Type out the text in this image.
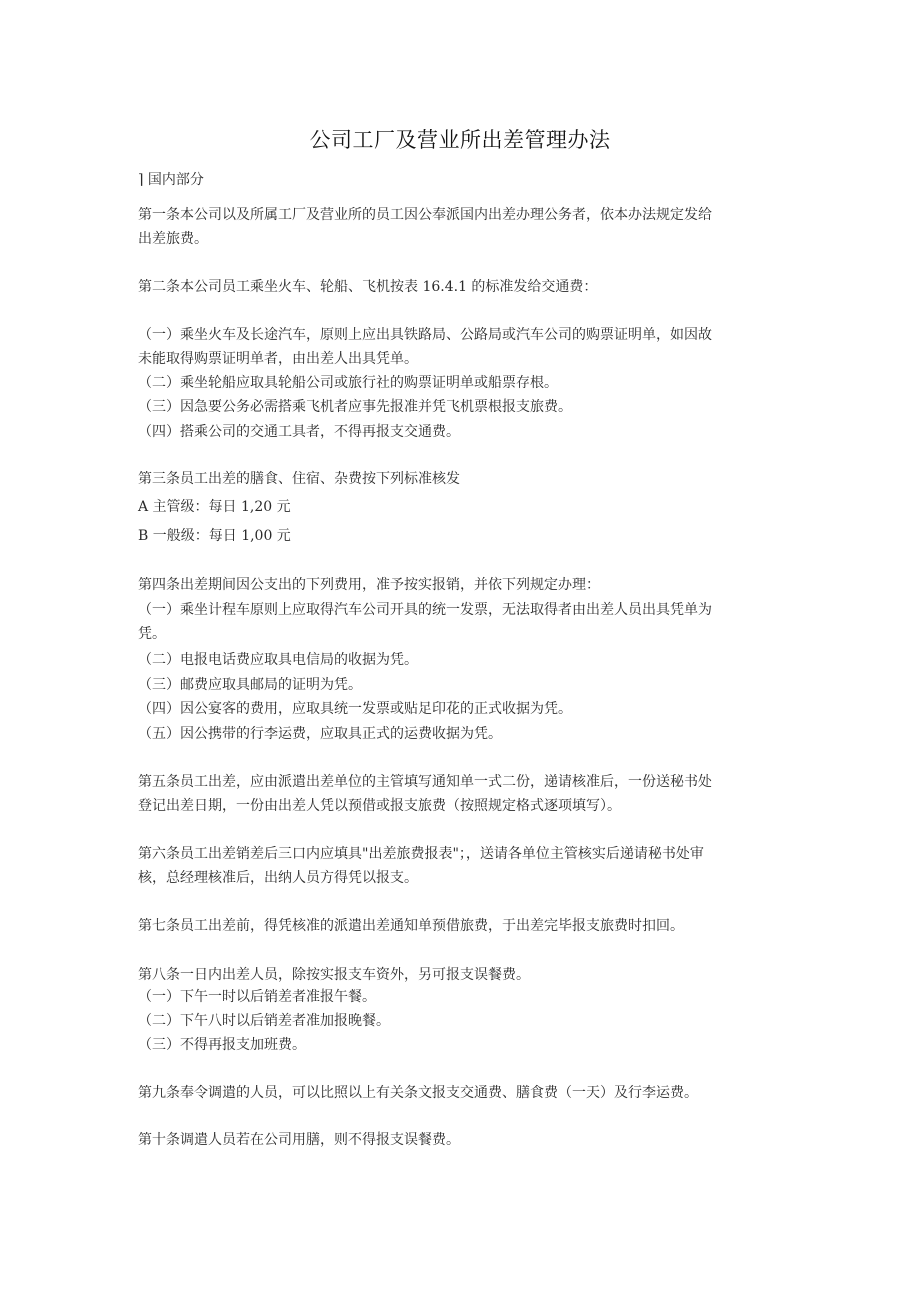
公司工厂及营业所出差管理办法
⌉ 国内部分
第一条本公司以及所属工厂及营业所的员工因公奉派国内出差办理公务者，依本办法规定发给
出差旅费。
第二条本公司员工乘坐火车、轮船、飞机按表 16.4.1 的标准发给交通费：
（一）乘坐火车及长途汽车，原则上应出具铁路局、公路局或汽车公司的购票证明单，如因故
未能取得购票证明单者，由出差人出具凭单。
（二）乘坐轮船应取具轮船公司或旅行社的购票证明单或船票存根。
（三）因急要公务必需搭乘飞机者应事先报准并凭飞机票根报支旅费。
（四）搭乘公司的交通工具者，不得再报支交通费。
第三条员工出差的膳食、住宿、杂费按下列标准核发
A 主管级：每日 1,20 元
B 一般级：每日 1,00 元
第四条出差期间因公支出的下列费用，准予按实报销，并依下列规定办理：
（一）乘坐计程车原则上应取得汽车公司开具的统一发票，无法取得者由出差人员出具凭单为
凭。
（二）电报电话费应取具电信局的收据为凭。
（三）邮费应取具邮局的证明为凭。
（四）因公宴客的费用，应取具统一发票或贴足印花的正式收据为凭。
（五）因公携带的行李运费，应取具正式的运费收据为凭。
第五条员工出差，应由派遣出差单位的主管填写通知单一式二份，递请核准后，一份送秘书处
登记出差日期，一份由出差人凭以预借或报支旅费（按照规定格式逐项填写）。
第六条员工出差销差后三口内应填具"出差旅费报表"；，送请各单位主管核实后递请秘书处审
核，总经理核准后，出纳人员方得凭以报支。
第七条员工出差前，得凭核准的派遣出差通知单预借旅费，于出差完毕报支旅费时扣回。
第八条一日内出差人员，除按实报支车资外，另可报支误餐费。
（一）下午一时以后销差者准报午餐。
（二）下午八时以后销差者准加报晚餐。
（三）不得再报支加班费。
第九条奉令调遣的人员，可以比照以上有关条文报支交通费、膳食费（一天）及行李运费。
第十条调遣人员若在公司用膳，则不得报支误餐费。
